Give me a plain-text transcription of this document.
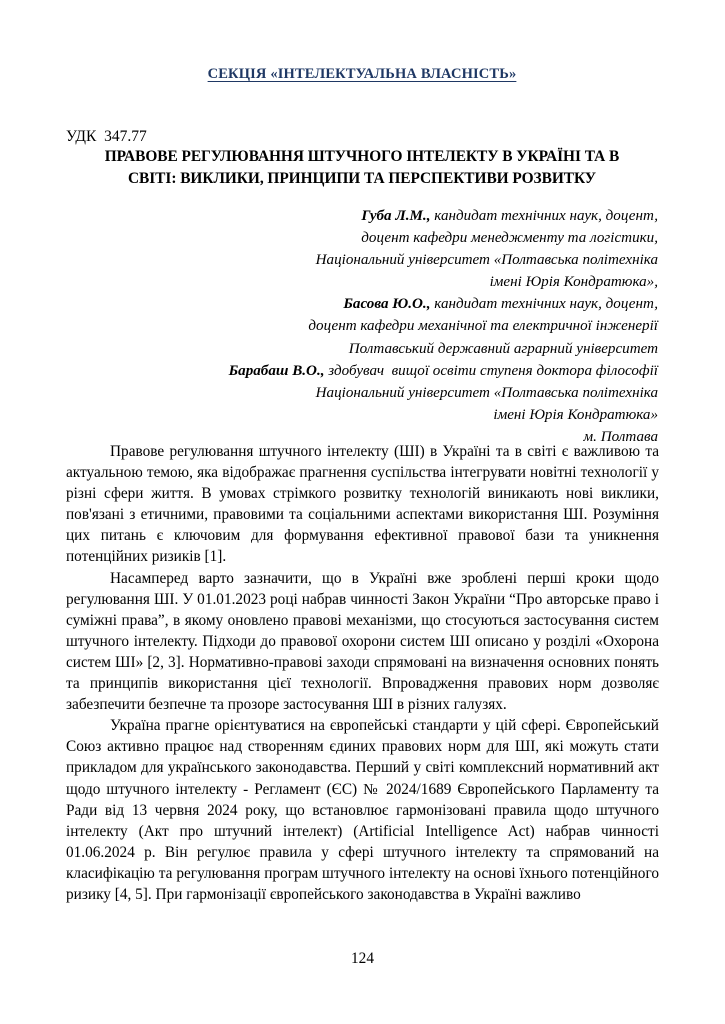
СЕКЦІЯ «ІНТЕЛЕКТУАЛЬНА ВЛАСНІСТЬ»
УДК  347.77
ПРАВОВЕ РЕГУЛЮВАННЯ ШТУЧНОГО ІНТЕЛЕКТУ В УКРАЇНІ ТА В
СВІТІ: ВИКЛИКИ, ПРИНЦИПИ ТА ПЕРСПЕКТИВИ РОЗВИТКУ
Губа Л.М., кандидат технічних наук, доцент,
доцент кафедри менеджменту та логістики,
Національний університет «Полтавська політехніка
імені Юрія Кондратюка»,
Басова Ю.О., кандидат технічних наук, доцент,
доцент кафедри механічної та електричної інженерії
Полтавський державний аграрний університет
Барабаш В.О., здобувач  вищої освіти ступеня доктора філософії
Національний університет «Полтавська політехніка
імені Юрія Кондратюка»
м. Полтава

Правове регулювання штучного інтелекту (ШІ) в Україні та в світі є важливою та актуальною темою, яка відображає прагнення суспільства інтегрувати новітні технології у різні сфери життя. В умовах стрімкого розвитку технологій виникають нові виклики, пов'язані з етичними, правовими та соціальними аспектами використання ШІ. Розуміння цих питань є ключовим для формування ефективної правової бази та уникнення потенційних ризиків [1].

Насамперед варто зазначити, що в Україні вже зроблені перші кроки щодо регулювання ШІ. У 01.01.2023 році набрав чинності Закон України “Про авторське право і суміжні права”, в якому оновлено правові механізми, що стосуються застосування систем штучного інтелекту. Підходи до правової охорони систем ШІ описано у розділі «Охорона систем ШІ» [2, 3]. Нормативно-правові заходи спрямовані на визначення основних понять та принципів використання цієї технології. Впровадження правових норм дозволяє забезпечити безпечне та прозоре застосування ШІ в різних галузях.

Україна прагне орієнтуватися на європейські стандарти у цій сфері. Європейський Союз активно працює над створенням єдиних правових норм для ШІ, які можуть стати прикладом для українського законодавства. Перший у світі комплексний нормативний акт щодо штучного інтелекту - Регламент (ЄС) № 2024/1689 Європейського Парламенту та Ради від 13 червня 2024 року, що встановлює гармонізовані правила щодо штучного інтелекту (Акт про штучний інтелект) (Artificial Intelligence Act) набрав чинності 01.06.2024 р. Він регулює правила у сфері штучного інтелекту та спрямований на класифікацію та регулювання програм штучного інтелекту на основі їхнього потенційного ризику [4, 5]. При гармонізації європейського законодавства в Україні важливо

124
